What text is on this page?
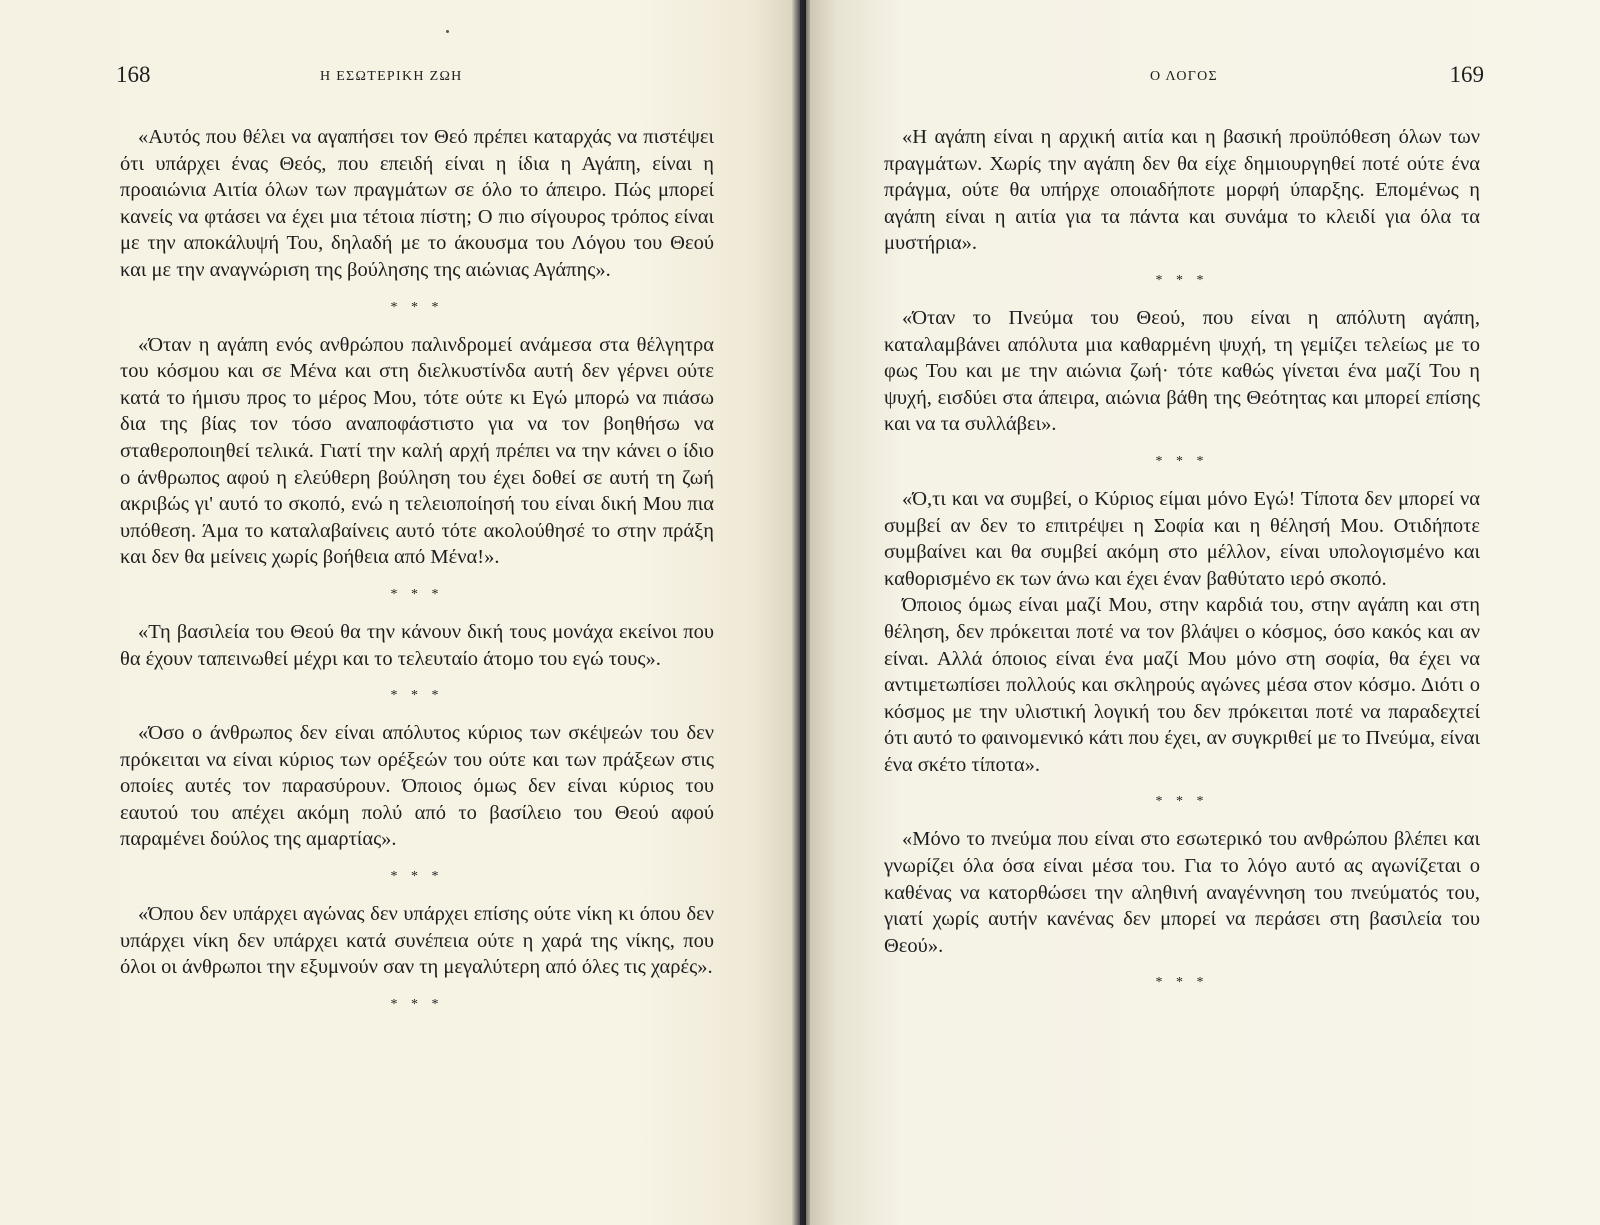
168	Η ΕΣΩΤΕΡΙΚΗ ΖΩΗ

«Αυτός που θέλει να αγαπήσει τον Θεό πρέπει καταρχάς να πιστέψει ότι υπάρχει ένας Θεός, που επειδή είναι η ίδια η Αγάπη, είναι η προαιώνια Αιτία όλων των πραγμάτων σε όλο το άπειρο. Πώς μπορεί κανείς να φτάσει να έχει μια τέτοια πίστη; Ο πιο σίγουρος τρόπος είναι με την αποκάλυψή Του, δηλαδή με το άκουσμα του Λόγου του Θεού και με την αναγνώριση της βούλησης της αιώνιας Αγάπης».

* * *

«Όταν η αγάπη ενός ανθρώπου παλινδρομεί ανάμεσα στα θέλγητρα του κόσμου και σε Μένα και στη διελκυστίνδα αυτή δεν γέρνει ούτε κατά το ήμισυ προς το μέρος Μου, τότε ούτε κι Εγώ μπορώ να πιάσω δια της βίας τον τόσο αναποφάστιστο για να τον βοηθήσω να σταθεροποιηθεί τελικά. Γιατί την καλή αρχή πρέπει να την κάνει ο ίδιο ο άνθρωπος αφού η ελεύθερη βούληση του έχει δοθεί σε αυτή τη ζωή ακριβώς γι' αυτό το σκοπό, ενώ η τελειοποίησή του είναι δική Μου πια υπόθεση. Άμα το καταλαβαίνεις αυτό τότε ακολούθησέ το στην πράξη και δεν θα μείνεις χωρίς βοήθεια από Μένα!».

* * *

«Τη βασιλεία του Θεού θα την κάνουν δική τους μονάχα εκείνοι που θα έχουν ταπεινωθεί μέχρι και το τελευταίο άτομο του εγώ τους».

* * *

«Όσο ο άνθρωπος δεν είναι απόλυτος κύριος των σκέψεών του δεν πρόκειται να είναι κύριος των ορέξεών του ούτε και των πράξεων στις οποίες αυτές τον παρασύρουν. Όποιος όμως δεν είναι κύριος του εαυτού του απέχει ακόμη πολύ από το βασίλειο του Θεού αφού παραμένει δούλος της αμαρτίας».

* * *

«Όπου δεν υπάρχει αγώνας δεν υπάρχει επίσης ούτε νίκη κι όπου δεν υπάρχει νίκη δεν υπάρχει κατά συνέπεια ούτε η χαρά της νίκης, που όλοι οι άνθρωποι την εξυμνούν σαν τη μεγαλύτερη από όλες τις χαρές».

* * *
Ο ΛΟΓΟΣ	169

«Η αγάπη είναι η αρχική αιτία και η βασική προϋπόθεση όλων των πραγμάτων. Χωρίς την αγάπη δεν θα είχε δημιουργηθεί ποτέ ούτε ένα πράγμα, ούτε θα υπήρχε οποιαδήποτε μορφή ύπαρξης. Επομένως η αγάπη είναι η αιτία για τα πάντα και συνάμα το κλειδί για όλα τα μυστήρια».

* * *

«Όταν το Πνεύμα του Θεού, που είναι η απόλυτη αγάπη, καταλαμβάνει απόλυτα μια καθαρμένη ψυχή, τη γεμίζει τελείως με το φως Του και με την αιώνια ζωή· τότε καθώς γίνεται ένα μαζί Του η ψυχή, εισδύει στα άπειρα, αιώνια βάθη της Θεότητας και μπορεί επίσης και να τα συλλάβει».

* * *

«Ό,τι και να συμβεί, ο Κύριος είμαι μόνο Εγώ! Τίποτα δεν μπορεί να συμβεί αν δεν το επιτρέψει η Σοφία και η θέλησή Μου. Οτιδήποτε συμβαίνει και θα συμβεί ακόμη στο μέλλον, είναι υπολογισμένο και καθορισμένο εκ των άνω και έχει έναν βαθύτατο ιερό σκοπό.

Όποιος όμως είναι μαζί Μου, στην καρδιά του, στην αγάπη και στη θέληση, δεν πρόκειται ποτέ να τον βλάψει ο κόσμος, όσο κακός και αν είναι. Αλλά όποιος είναι ένα μαζί Μου μόνο στη σοφία, θα έχει να αντιμετωπίσει πολλούς και σκληρούς αγώνες μέσα στον κόσμο. Διότι ο κόσμος με την υλιστική λογική του δεν πρόκειται ποτέ να παραδεχτεί ότι αυτό το φαινομενικό κάτι που έχει, αν συγκριθεί με το Πνεύμα, είναι ένα σκέτο τίποτα».

* * *

«Μόνο το πνεύμα που είναι στο εσωτερικό του ανθρώπου βλέπει και γνωρίζει όλα όσα είναι μέσα του. Για το λόγο αυτό ας αγωνίζεται ο καθένας να κατορθώσει την αληθινή αναγέννηση του πνεύματός του, γιατί χωρίς αυτήν κανένας δεν μπορεί να περάσει στη βασιλεία του Θεού».

* * *
